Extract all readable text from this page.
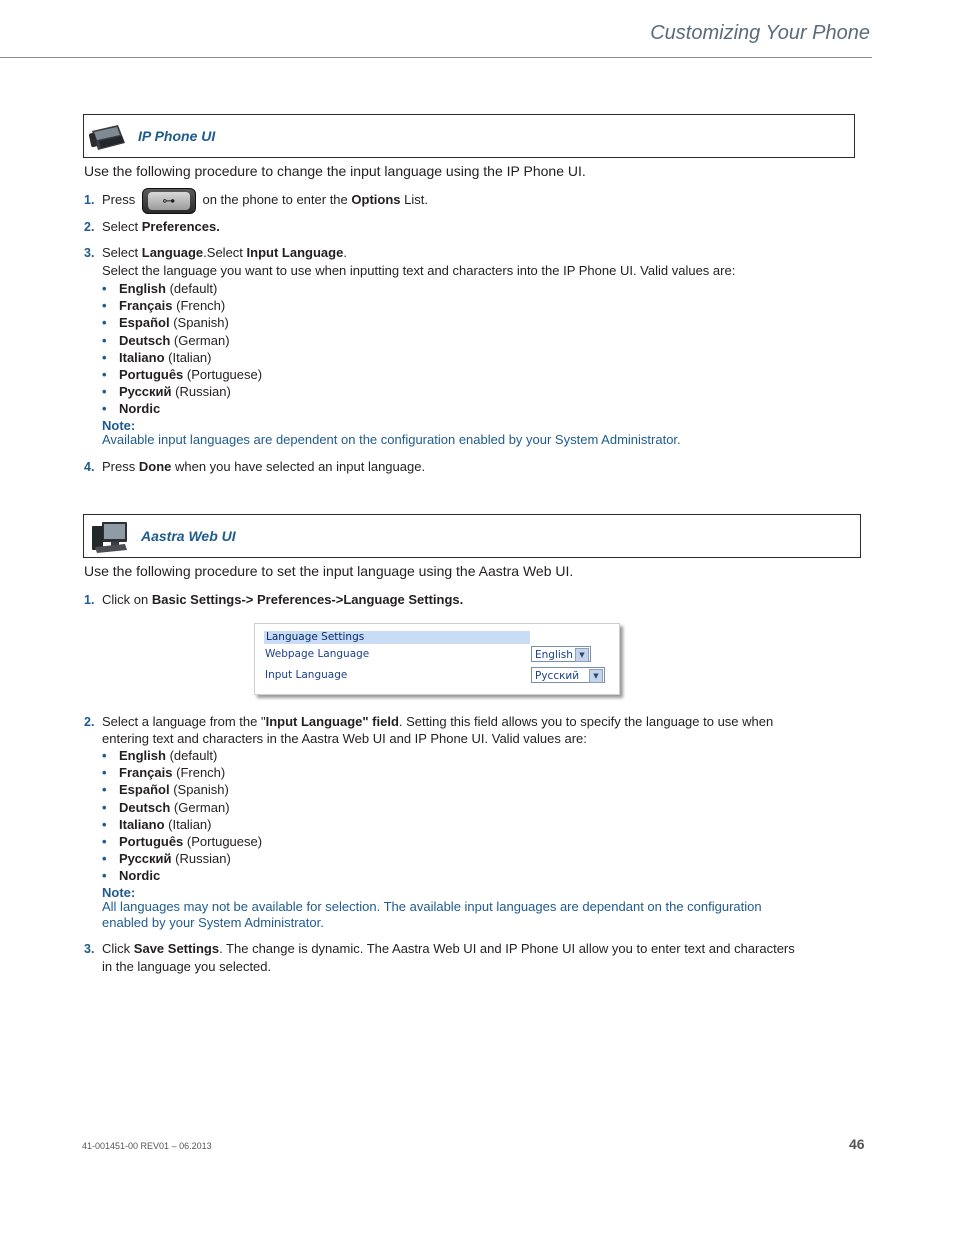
Customizing Your Phone
IP Phone UI
Use the following procedure to change the input language using the IP Phone UI.
1. Press	⊶	on the phone to enter the Options List.
2. Select Preferences.
3. Select Language.Select Input Language.
Select the language you want to use when inputting text and characters into the IP Phone UI. Valid values are:
• English (default)
• Français (French)
• Español (Spanish)
• Deutsch (German)
• Italiano (Italian)
• Português (Portuguese)
• Русский (Russian)
• Nordic
Note:
Available input languages are dependent on the configuration enabled by your System Administrator.
4. Press Done when you have selected an input language.
Aastra Web UI
Use the following procedure to set the input language using the Aastra Web UI.
1. Click on Basic Settings-> Preferences->Language Settings.
Language Settings
Webpage Language	English ▼
Input Language	Русский	▼
2. Select a language from the "Input Language" field. Setting this field allows you to specify the language to use when
entering text and characters in the Aastra Web UI and IP Phone UI. Valid values are:
• English (default)
• Français (French)
• Español (Spanish)
• Deutsch (German)
• Italiano (Italian)
• Português (Portuguese)
• Русский (Russian)
• Nordic
Note:
All languages may not be available for selection. The available input languages are dependant on the configuration
enabled by your System Administrator.
3. Click Save Settings. The change is dynamic. The Aastra Web UI and IP Phone UI allow you to enter text and characters
in the language you selected.
41-001451-00 REV01 – 06.2013	46
